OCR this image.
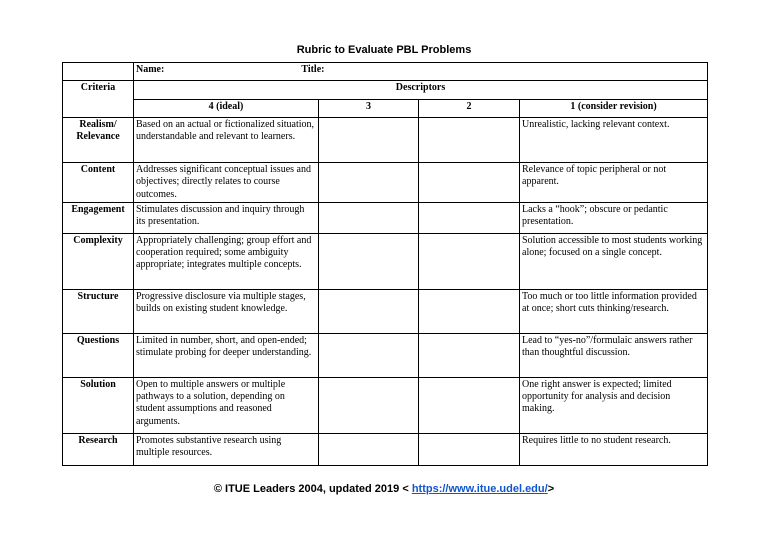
Rubric to Evaluate PBL Problems
	Name: Title:			
Criteria	Descriptors			
	4 (ideal)	3	2	1 (consider revision)
Realism/ Relevance	Based on an actual or fictionalized situation, understandable and relevant to learners.			Unrealistic, lacking relevant context.
Content	Addresses significant conceptual issues and objectives; directly relates to course outcomes.			Relevance of topic peripheral or not apparent.
Engagement	Stimulates discussion and inquiry through its presentation.			Lacks a “hook”; obscure or pedantic presentation.
Complexity	Appropriately challenging; group effort and cooperation required; some ambiguity appropriate; integrates multiple concepts.			Solution accessible to most students working alone; focused on a single concept.
Structure	Progressive disclosure via multiple stages, builds on existing student knowledge.			Too much or too little information provided at once; short cuts thinking/research.
Questions	Limited in number, short, and open-ended; stimulate probing for deeper understanding.			Lead to “yes-no”/formulaic answers rather than thoughtful discussion.
Solution	Open to multiple answers or multiple pathways to a solution, depending on student assumptions and reasoned arguments.			One right answer is expected; limited opportunity for analysis and decision making.
Research	Promotes substantive research using multiple resources.			Requires little to no student research.
© ITUE Leaders 2004, updated 2019 < https://www.itue.udel.edu/>
